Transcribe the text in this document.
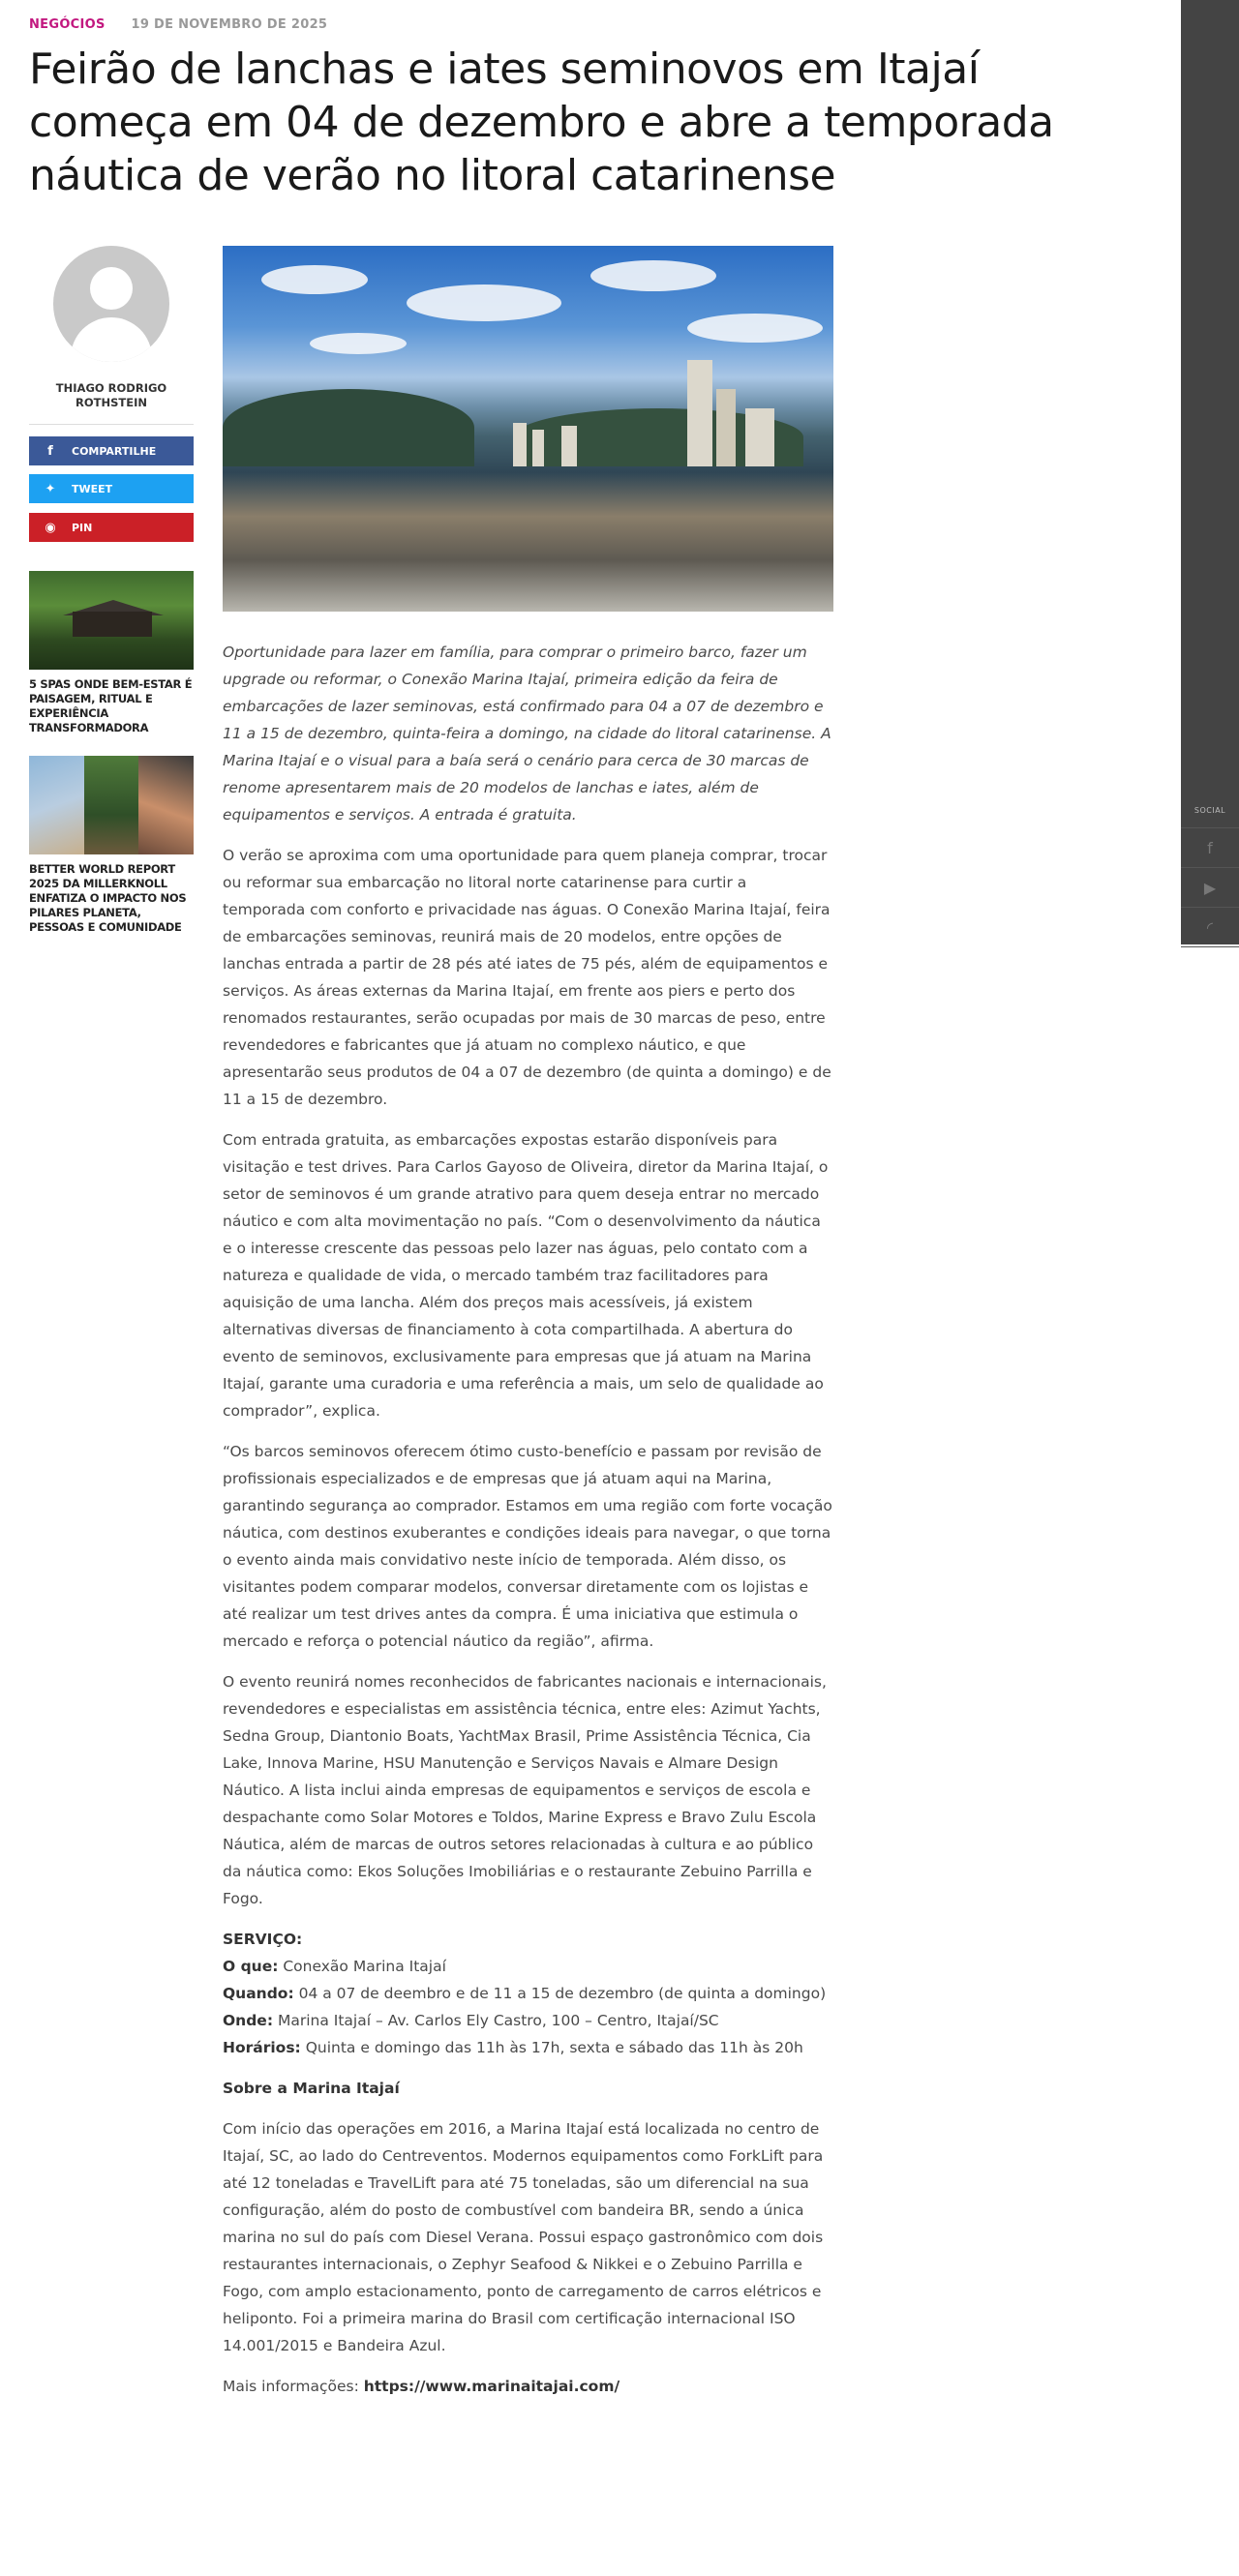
NEGÓCIOS 19 DE NOVEMBRO DE 2025
Feirão de lanchas e iates seminovos em Itajaí começa em 04 de dezembro e abre a temporada náutica de verão no litoral catarinense
THIAGO RODRIGO ROTHSTEIN
f	COMPARTILHE
✦	TWEET
◉	PIN
5 SPAS ONDE BEM-ESTAR É PAISAGEM, RITUAL E EXPERIÊNCIA TRANSFORMADORA
BETTER WORLD REPORT 2025 DA MILLERKNOLL ENFATIZA O IMPACTO NOS PILARES PLANETA, PESSOAS E COMUNIDADE

Oportunidade para lazer em família, para comprar o primeiro barco, fazer um upgrade ou reformar, o Conexão Marina Itajaí, primeira edição da feira de embarcações de lazer seminovas, está confirmado para 04 a 07 de dezembro e 11 a 15 de dezembro, quinta-feira a domingo, na cidade do litoral catarinense. A Marina Itajaí e o visual para a baía será o cenário para cerca de 30 marcas de renome apresentarem mais de 20 modelos de lanchas e iates, além de equipamentos e serviços. A entrada é gratuita.

O verão se aproxima com uma oportunidade para quem planeja comprar, trocar ou reformar sua embarcação no litoral norte catarinense para curtir a temporada com conforto e privacidade nas águas. O Conexão Marina Itajaí, feira de embarcações seminovas, reunirá mais de 20 modelos, entre opções de lanchas entrada a partir de 28 pés até iates de 75 pés, além de equipamentos e serviços. As áreas externas da Marina Itajaí, em frente aos piers e perto dos renomados restaurantes, serão ocupadas por mais de 30 marcas de peso, entre revendedores e fabricantes que já atuam no complexo náutico, e que apresentarão seus produtos de 04 a 07 de dezembro (de quinta a domingo) e de 11 a 15 de dezembro.

Com entrada gratuita, as embarcações expostas estarão disponíveis para visitação e test drives. Para Carlos Gayoso de Oliveira, diretor da Marina Itajaí, o setor de seminovos é um grande atrativo para quem deseja entrar no mercado náutico e com alta movimentação no país. “Com o desenvolvimento da náutica e o interesse crescente das pessoas pelo lazer nas águas, pelo contato com a natureza e qualidade de vida, o mercado também traz facilitadores para aquisição de uma lancha. Além dos preços mais acessíveis, já existem alternativas diversas de financiamento à cota compartilhada. A abertura do evento de seminovos, exclusivamente para empresas que já atuam na Marina Itajaí, garante uma curadoria e uma referência a mais, um selo de qualidade ao comprador”, explica.

“Os barcos seminovos oferecem ótimo custo-benefício e passam por revisão de profissionais especializados e de empresas que já atuam aqui na Marina, garantindo segurança ao comprador. Estamos em uma região com forte vocação náutica, com destinos exuberantes e condições ideais para navegar, o que torna o evento ainda mais convidativo neste início de temporada. Além disso, os visitantes podem comparar modelos, conversar diretamente com os lojistas e até realizar um test drives antes da compra. É uma iniciativa que estimula o mercado e reforça o potencial náutico da região”, afirma.

O evento reunirá nomes reconhecidos de fabricantes nacionais e internacionais, revendedores e especialistas em assistência técnica, entre eles: Azimut Yachts, Sedna Group, Diantonio Boats, YachtMax Brasil, Prime Assistência Técnica, Cia Lake, Innova Marine, HSU Manutenção e Serviços Navais e Almare Design Náutico. A lista inclui ainda empresas de equipamentos e serviços de escola e despachante como Solar Motores e Toldos, Marine Express e Bravo Zulu Escola Náutica, além de marcas de outros setores relacionadas à cultura e ao público da náutica como: Ekos Soluções Imobiliárias e o restaurante Zebuino Parrilla e Fogo.

SERVIÇO:
O que: Conexão Marina Itajaí
Quando: 04 a 07 de deembro e de 11 a 15 de dezembro (de quinta a domingo)
Onde: Marina Itajaí – Av. Carlos Ely Castro, 100 – Centro, Itajaí/SC
Horários: Quinta e domingo das 11h às 17h, sexta e sábado das 11h às 20h

Sobre a Marina Itajaí

Com início das operações em 2016, a Marina Itajaí está localizada no centro de Itajaí, SC, ao lado do Centreventos. Modernos equipamentos como ForkLift para até 12 toneladas e TravelLift para até 75 toneladas, são um diferencial na sua configuração, além do posto de combustível com bandeira BR, sendo a única marina no sul do país com Diesel Verana. Possui espaço gastronômico com dois restaurantes internacionais, o Zephyr Seafood & Nikkei e o Zebuino Parrilla e Fogo, com amplo estacionamento, ponto de carregamento de carros elétricos e heliponto. Foi a primeira marina do Brasil com certificação internacional ISO 14.001/2015 e Bandeira Azul.

Mais informações: https://www.marinaitajai.com/

SOCIAL
f
▶
◜
